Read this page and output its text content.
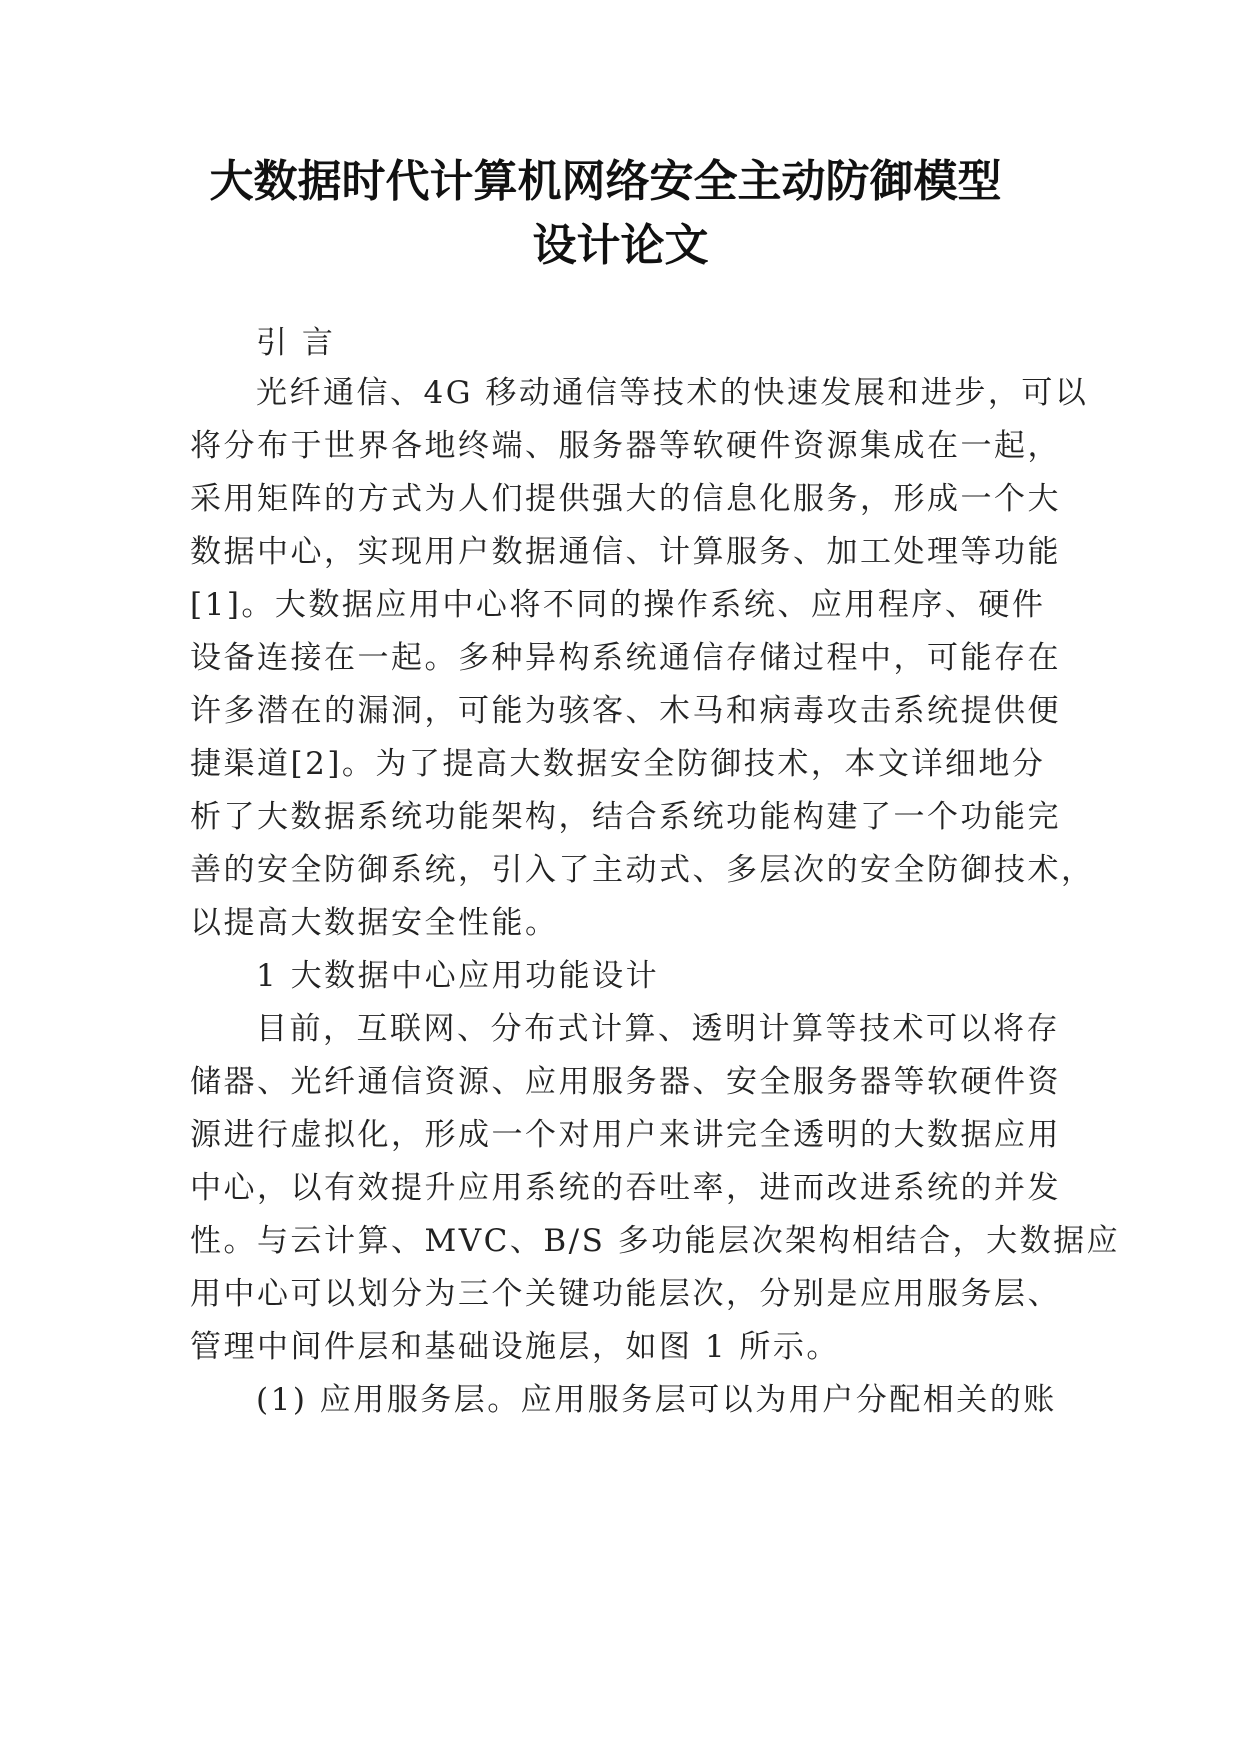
大数据时代计算机网络安全主动防御模型
设计论文
引 言
光纤通信、4G 移动通信等技术的快速发展和进步，可以
将分布于世界各地终端、服务器等软硬件资源集成在一起，
采用矩阵的方式为人们提供强大的信息化服务，形成一个大
数据中心，实现用户数据通信、计算服务、加工处理等功能
[1]。大数据应用中心将不同的操作系统、应用程序、硬件
设备连接在一起。多种异构系统通信存储过程中，可能存在
许多潜在的漏洞，可能为骇客、木马和病毒攻击系统提供便
捷渠道[2]。为了提高大数据安全防御技术，本文详细地分
析了大数据系统功能架构，结合系统功能构建了一个功能完
善的安全防御系统，引入了主动式、多层次的安全防御技术，
以提高大数据安全性能。
1 大数据中心应用功能设计
目前，互联网、分布式计算、透明计算等技术可以将存
储器、光纤通信资源、应用服务器、安全服务器等软硬件资
源进行虚拟化，形成一个对用户来讲完全透明的大数据应用
中心，以有效提升应用系统的吞吐率，进而改进系统的并发
性。与云计算、MVC、B/S 多功能层次架构相结合，大数据应
用中心可以划分为三个关键功能层次，分别是应用服务层、
管理中间件层和基础设施层，如图 1 所示。
(1) 应用服务层。应用服务层可以为用户分配相关的账
